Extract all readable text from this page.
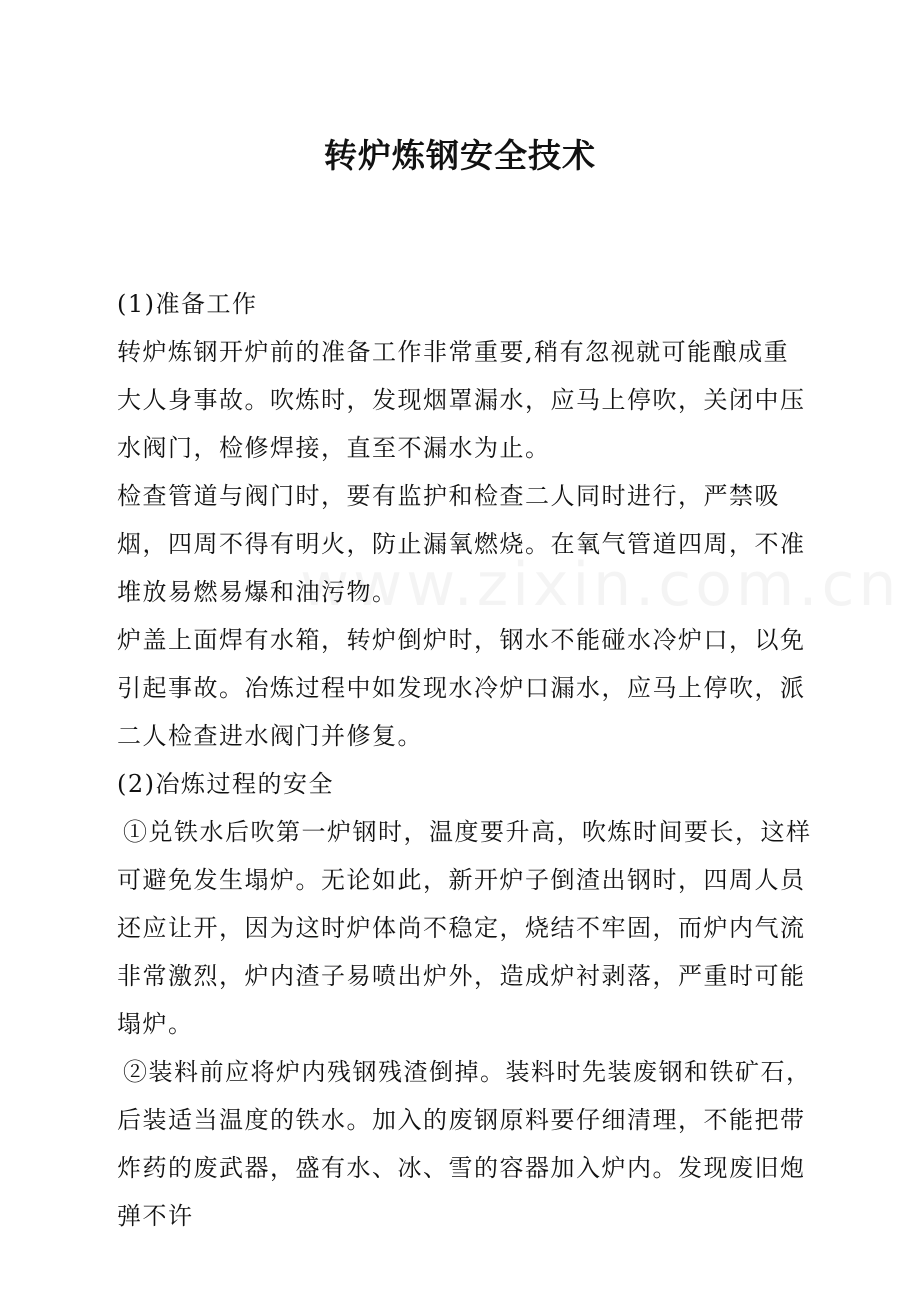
转炉炼钢安全技术

(1)准备工作

转炉炼钢开炉前的准备工作非常重要,稍有忽视就可能酿成重大人身事故。吹炼时，发现烟罩漏水，应马上停吹，关闭中压水阀门，检修焊接，直至不漏水为止。

检查管道与阀门时，要有监护和检查二人同时进行，严禁吸烟，四周不得有明火，防止漏氧燃烧。在氧气管道四周，不准堆放易燃易爆和油污物。

炉盖上面焊有水箱，转炉倒炉时，钢水不能碰水冷炉口，以免引起事故。冶炼过程中如发现水冷炉口漏水，应马上停吹，派二人检查进水阀门并修复。

(2)冶炼过程的安全

①兑铁水后吹第一炉钢时，温度要升高，吹炼时间要长，这样可避免发生塌炉。无论如此，新开炉子倒渣出钢时，四周人员还应让开，因为这时炉体尚不稳定，烧结不牢固，而炉内气流非常激烈，炉内渣子易喷出炉外，造成炉衬剥落，严重时可能塌炉。

②装料前应将炉内残钢残渣倒掉。装料时先装废钢和铁矿石，后装适当温度的铁水。加入的废钢原料要仔细清理，不能把带炸药的废武器，盛有水、冰、雪的容器加入炉内。发现废旧炮弹不许
